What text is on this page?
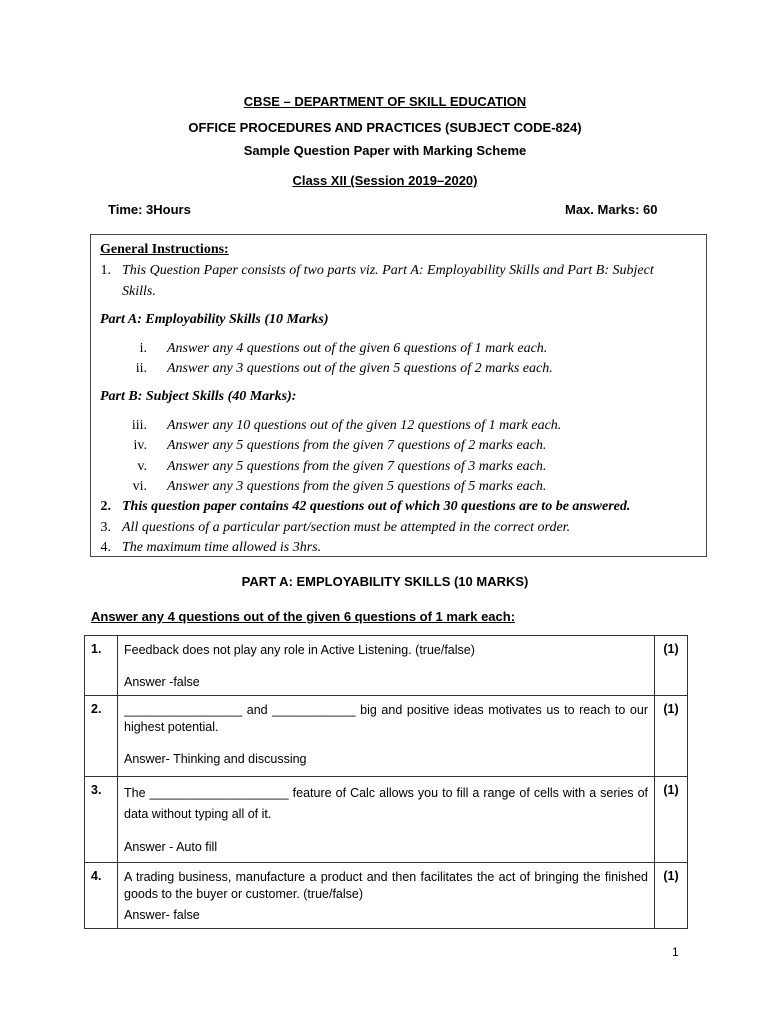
CBSE – DEPARTMENT OF SKILL EDUCATION
OFFICE PROCEDURES AND PRACTICES (SUBJECT CODE-824)
Sample Question Paper with Marking Scheme
Class XII (Session 2019–2020)
Time: 3Hours	Max. Marks: 60
General Instructions:
1. This Question Paper consists of two parts viz. Part A: Employability Skills and Part B: Subject
Skills.
Part A: Employability Skills (10 Marks)
i. Answer any 4 questions out of the given 6 questions of 1 mark each.
ii. Answer any 3 questions out of the given 5 questions of 2 marks each.
Part B: Subject Skills (40 Marks):
iii. Answer any 10 questions out of the given 12 questions of 1 mark each.
iv. Answer any 5 questions from the given 7 questions of 2 marks each.
v. Answer any 5 questions from the given 7 questions of 3 marks each.
vi. Answer any 3 questions from the given 5 questions of 5 marks each.
2. This question paper contains 42 questions out of which 30 questions are to be answered.
3. All questions of a particular part/section must be attempted in the correct order.
4. The maximum time allowed is 3hrs.
PART A: EMPLOYABILITY SKILLS (10 MARKS)
Answer any 4 questions out of the given 6 questions of 1 mark each:
1.	Feedback does not play any role in Active Listening. (true/false)
Answer -false	(1)
2.	_________________ and ____________ big and positive ideas motivates us to reach to our highest potential.
Answer- Thinking and discussing	(1)
3.	The ____________________ feature of Calc allows you to fill a range of cells with a series of data without typing all of it.
Answer - Auto fill	(1)
4.	A trading business, manufacture a product and then facilitates the act of bringing the finished goods to the buyer or customer. (true/false)
Answer- false	(1)
1
